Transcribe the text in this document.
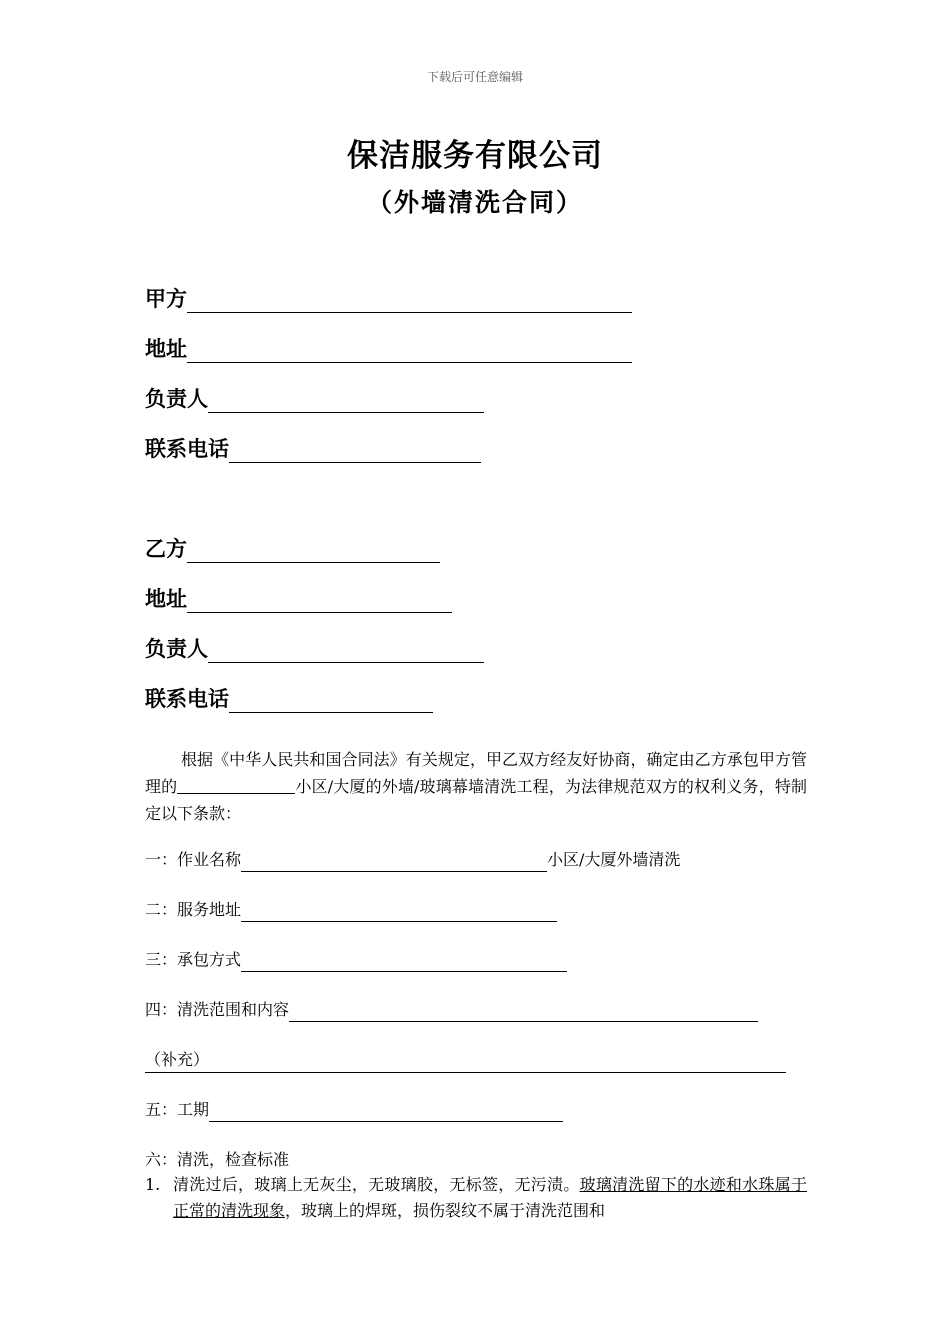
下载后可任意编辑
保洁服务有限公司
（外墙清洗合同）
甲方
地址
负责人
联系电话
乙方
地址
负责人
联系电话
根据《中华人民共和国合同法》有关规定，甲乙双方经友好协商，确定由乙方承包甲方管理的	小区/大厦的外墙/玻璃幕墙清洗工程，为法律规范双方的权利义务，特制定以下条款：
一：作业名称	小区/大厦外墙清洗
二：服务地址
三：承包方式
四：清洗范围和内容
（补充）
五：工期
六：清洗，检查标准
1. 清洗过后，玻璃上无灰尘，无玻璃胶，无标签，无污渍。玻璃清洗留下的水迹和水珠属于正常的清洗现象，玻璃上的焊斑，损伤裂纹不属于清洗范围和
